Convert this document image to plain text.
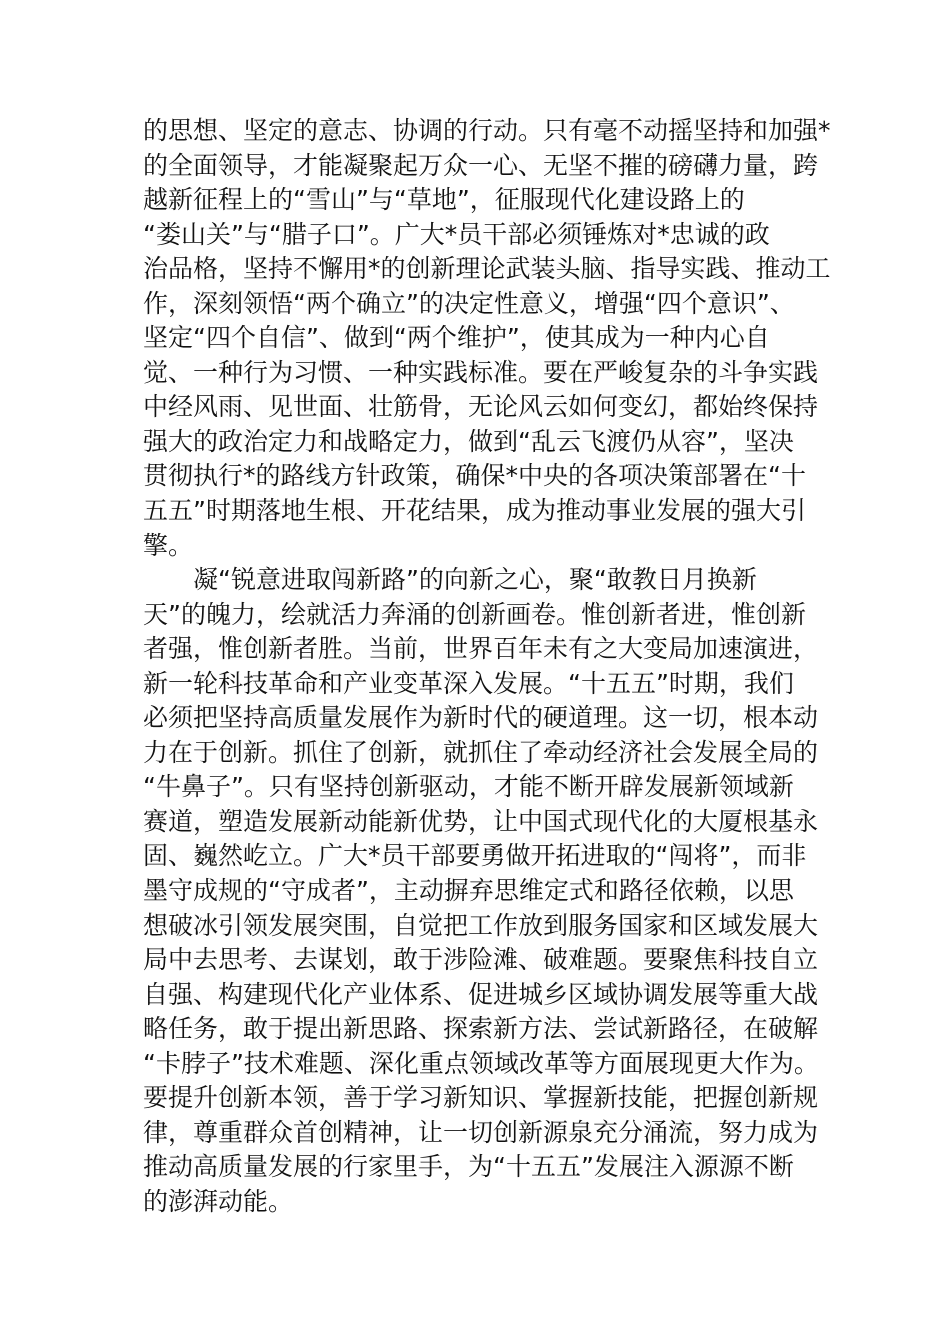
的思想、坚定的意志、协调的行动。只有毫不动摇坚持和加强*
的全面领导，才能凝聚起万众一心、无坚不摧的磅礴力量，跨
越新征程上的“雪山”与“草地”，征服现代化建设路上的
“娄山关”与“腊子口”。广大*员干部必须锤炼对*忠诚的政
治品格，坚持不懈用*的创新理论武装头脑、指导实践、推动工
作，深刻领悟“两个确立”的决定性意义，增强“四个意识”、
坚定“四个自信”、做到“两个维护”，使其成为一种内心自
觉、一种行为习惯、一种实践标准。要在严峻复杂的斗争实践
中经风雨、见世面、壮筋骨，无论风云如何变幻，都始终保持
强大的政治定力和战略定力，做到“乱云飞渡仍从容”，坚决
贯彻执行*的路线方针政策，确保*中央的各项决策部署在“十
五五”时期落地生根、开花结果，成为推动事业发展的强大引
擎。
　　凝“锐意进取闯新路”的向新之心，聚“敢教日月换新
天”的魄力，绘就活力奔涌的创新画卷。惟创新者进，惟创新
者强，惟创新者胜。当前，世界百年未有之大变局加速演进，
新一轮科技革命和产业变革深入发展。“十五五”时期，我们
必须把坚持高质量发展作为新时代的硬道理。这一切，根本动
力在于创新。抓住了创新，就抓住了牵动经济社会发展全局的
“牛鼻子”。只有坚持创新驱动，才能不断开辟发展新领域新
赛道，塑造发展新动能新优势，让中国式现代化的大厦根基永
固、巍然屹立。广大*员干部要勇做开拓进取的“闯将”，而非
墨守成规的“守成者”，主动摒弃思维定式和路径依赖，以思
想破冰引领发展突围，自觉把工作放到服务国家和区域发展大
局中去思考、去谋划，敢于涉险滩、破难题。要聚焦科技自立
自强、构建现代化产业体系、促进城乡区域协调发展等重大战
略任务，敢于提出新思路、探索新方法、尝试新路径，在破解
“卡脖子”技术难题、深化重点领域改革等方面展现更大作为。
要提升创新本领，善于学习新知识、掌握新技能，把握创新规
律，尊重群众首创精神，让一切创新源泉充分涌流，努力成为
推动高质量发展的行家里手，为“十五五”发展注入源源不断
的澎湃动能。
